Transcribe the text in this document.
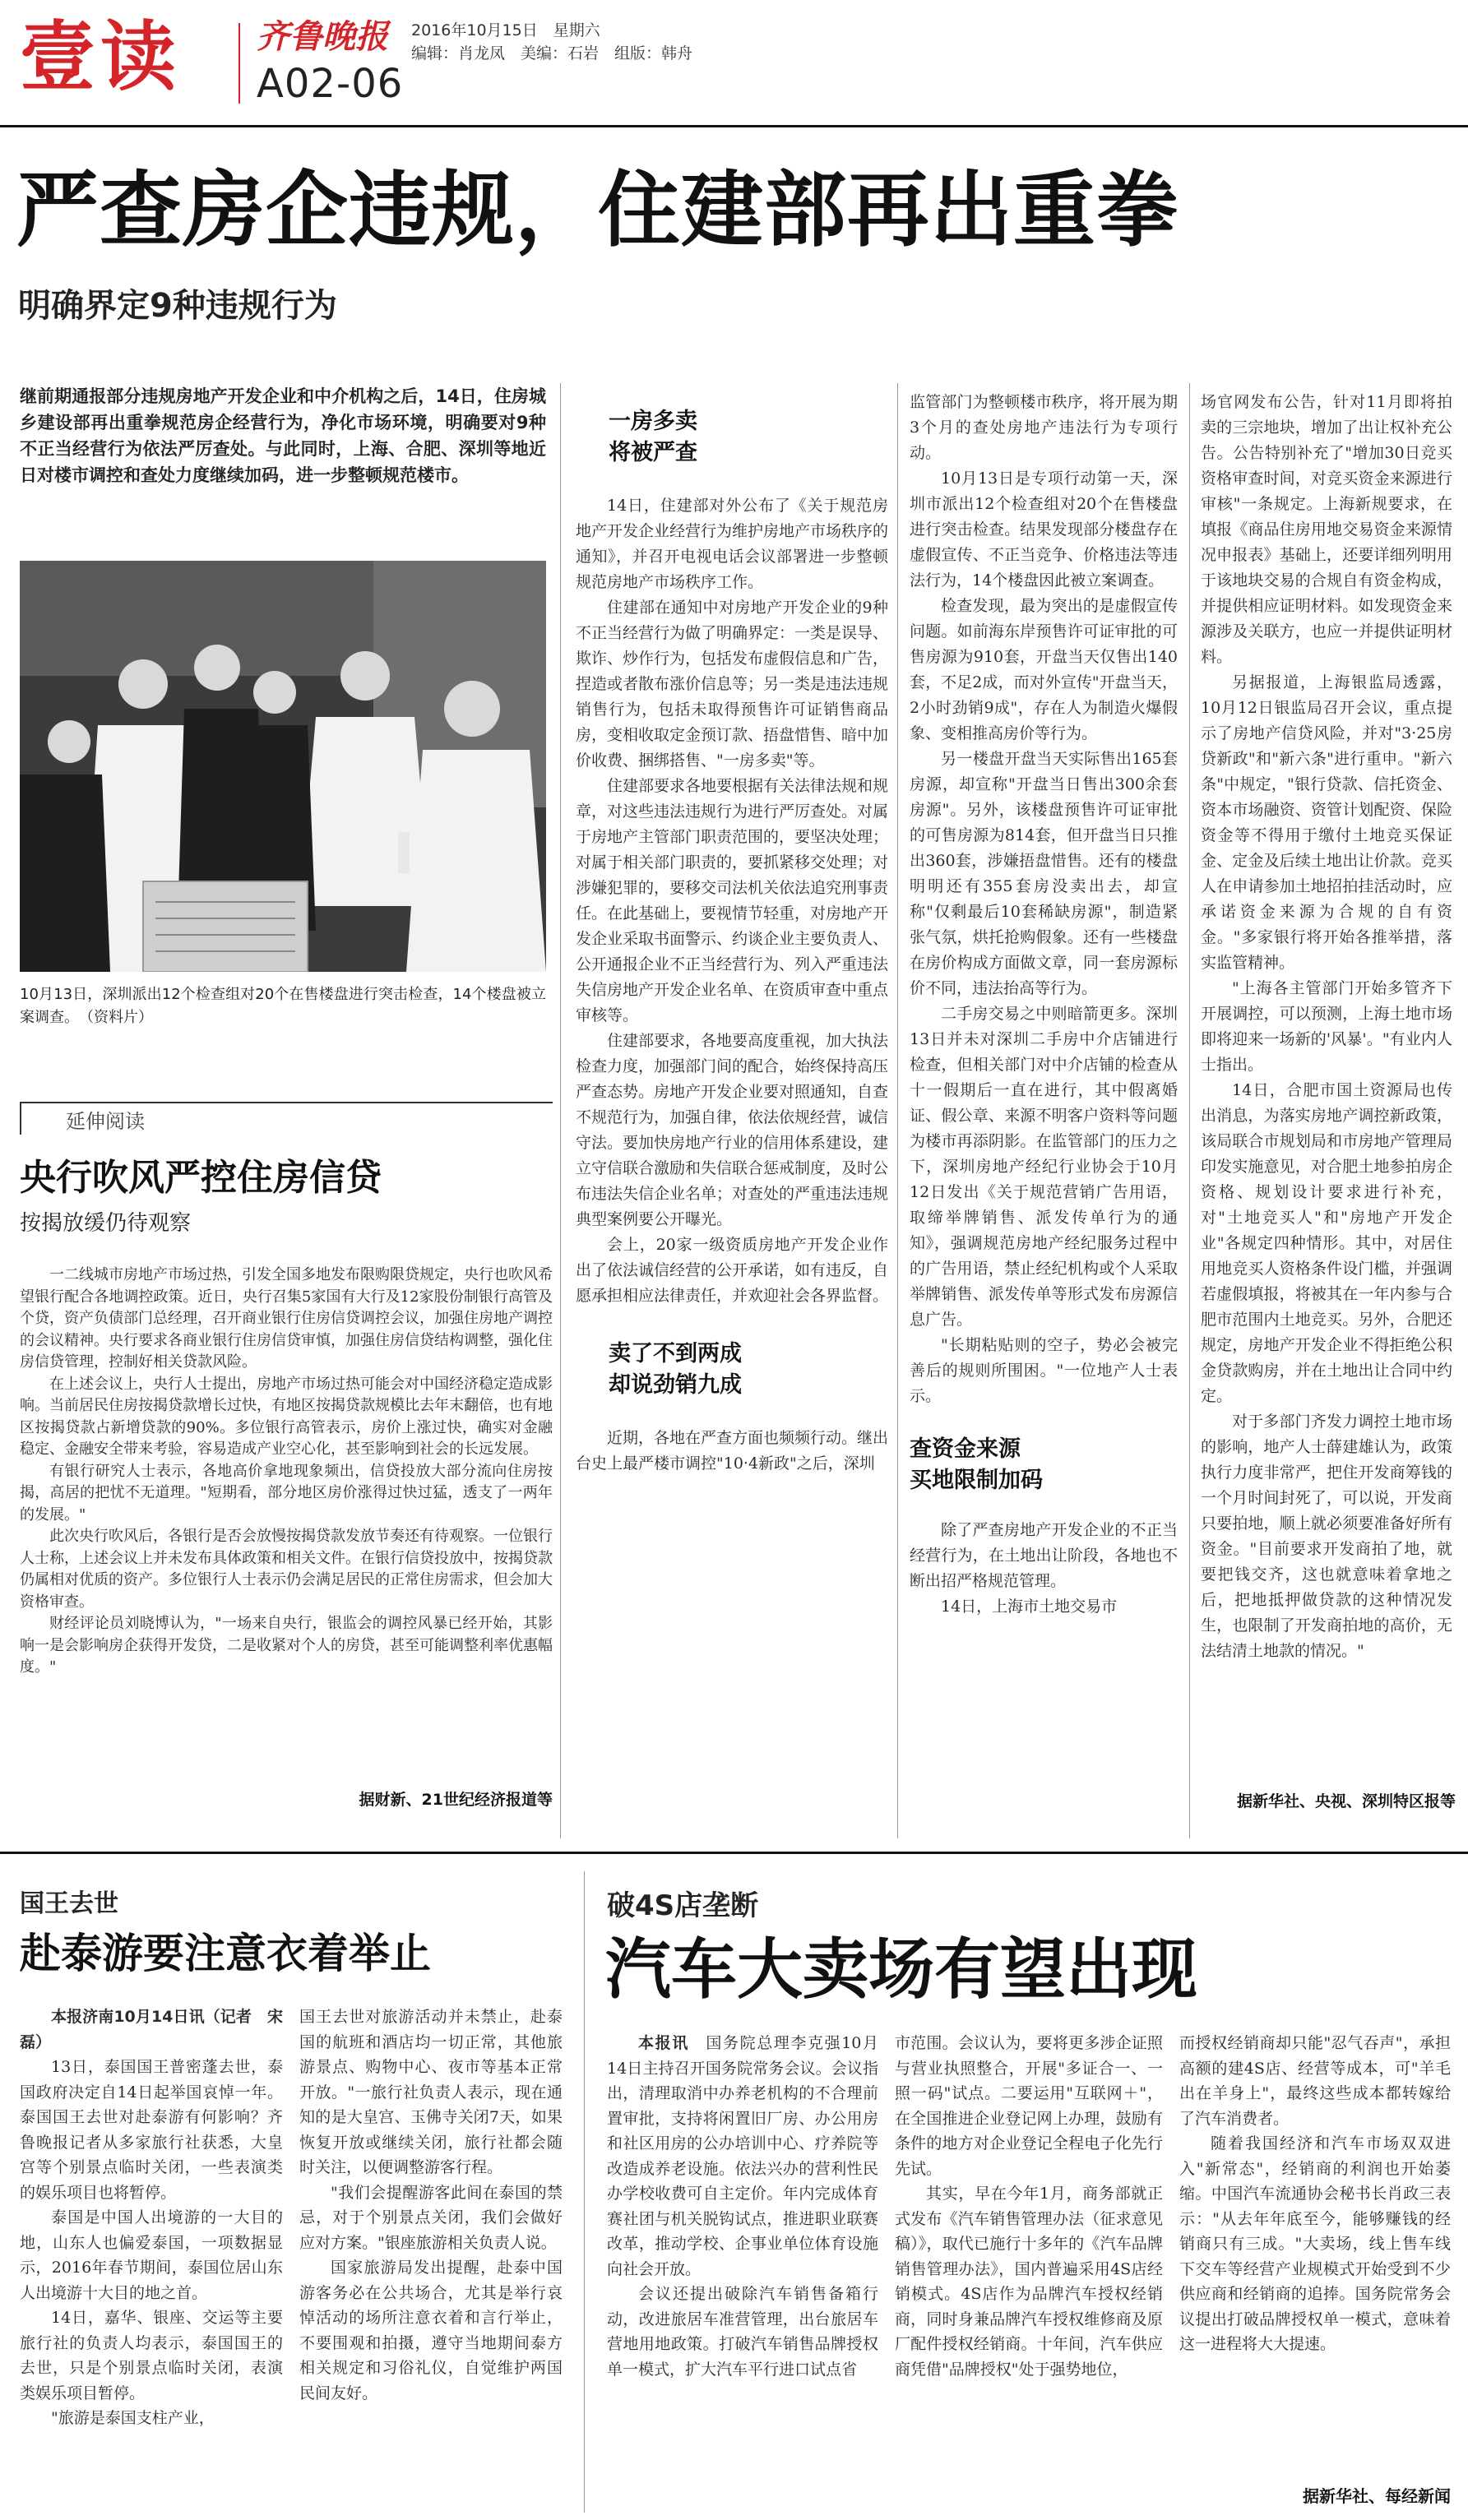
壹读 齐鲁晚报
A02-06
2016年10月15日　星期六
编辑：肖龙凤　美编：石岩　组版：韩舟
严查房企违规，住建部再出重拳
明确界定9种违规行为
继前期通报部分违规房地产开发企业和中介机构之后，14日，住房城乡建设部再出重拳规范房企经营行为，净化市场环境，明确要对9种不正当经营行为依法严厉查处。与此同时，上海、合肥、深圳等地近日对楼市调控和查处力度继续加码，进一步整顿规范楼市。
10月13日，深圳派出12个检查组对20个在售楼盘进行突击检查，14个楼盘被立案调查。　（资料片）
一房多卖
将被严查

14日，住建部对外公布了《关于规范房地产开发企业经营行为维护房地产市场秩序的通知》，并召开电视电话会议部署进一步整顿规范房地产市场秩序工作。

住建部在通知中对房地产开发企业的9种不正当经营行为做了明确界定：一类是误导、欺诈、炒作行为，包括发布虚假信息和广告，捏造或者散布涨价信息等；另一类是违法违规销售行为，包括未取得预售许可证销售商品房，变相收取定金预订款、捂盘惜售、暗中加价收费、捆绑搭售、"一房多卖"等。

住建部要求各地要根据有关法律法规和规章，对这些违法违规行为进行严厉查处。对属于房地产主管部门职责范围的，要坚决处理；对属于相关部门职责的，要抓紧移交处理；对涉嫌犯罪的，要移交司法机关依法追究刑事责任。在此基础上，要视情节轻重，对房地产开发企业采取书面警示、约谈企业主要负责人、公开通报企业不正当经营行为、列入严重违法失信房地产开发企业名单、在资质审查中重点审核等。

住建部要求，各地要高度重视，加大执法检查力度，加强部门间的配合，始终保持高压严查态势。房地产开发企业要对照通知，自查不规范行为，加强自律，依法依规经营，诚信守法。要加快房地产行业的信用体系建设，建立守信联合激励和失信联合惩戒制度，及时公布违法失信企业名单；对查处的严重违法违规典型案例要公开曝光。

会上，20家一级资质房地产开发企业作出了依法诚信经营的公开承诺，如有违反，自愿承担相应法律责任，并欢迎社会各界监督。

卖了不到两成
却说劲销九成

近期，各地在严查方面也频频行动。继出台史上最严楼市调控"10·4新政"之后，深圳

监管部门为整顿楼市秩序，将开展为期3个月的查处房地产违法行为专项行动。

10月13日是专项行动第一天，深圳市派出12个检查组对20个在售楼盘进行突击检查。结果发现部分楼盘存在虚假宣传、不正当竞争、价格违法等违法行为，14个楼盘因此被立案调查。

检查发现，最为突出的是虚假宣传问题。如前海东岸预售许可证审批的可售房源为910套，开盘当天仅售出140套，不足2成，而对外宣传"开盘当天，2小时劲销9成"，存在人为制造火爆假象、变相推高房价等行为。

另一楼盘开盘当天实际售出165套房源，却宣称"开盘当日售出300余套房源"。另外，该楼盘预售许可证审批的可售房源为814套，但开盘当日只推出360套，涉嫌捂盘惜售。还有的楼盘明明还有355套房没卖出去，却宣称"仅剩最后10套稀缺房源"，制造紧张气氛，烘托抢购假象。还有一些楼盘在房价构成方面做文章，同一套房源标价不同，违法抬高等行为。

二手房交易之中则暗箭更多。深圳13日并未对深圳二手房中介店铺进行检查，但相关部门对中介店铺的检查从十一假期后一直在进行，其中假离婚证、假公章、来源不明客户资料等问题为楼市再添阴影。在监管部门的压力之下，深圳房地产经纪行业协会于10月12日发出《关于规范营销广告用语，取缔举牌销售、派发传单行为的通知》，强调规范房地产经纪服务过程中的广告用语，禁止经纪机构或个人采取举牌销售、派发传单等形式发布房源信息广告。

"长期粘贴则的空子，势必会被完善后的规则所围困。"一位地产人士表示。

查资金来源
买地限制加码

除了严查房地产开发企业的不正当经营行为，在土地出让阶段，各地也不断出招严格规范管理。

14日，上海市土地交易市

场官网发布公告，针对11月即将拍卖的三宗地块，增加了出让权补充公告。公告特别补充了"增加30日竞买资格审查时间，对竞买资金来源进行审核"一条规定。上海新规要求，在填报《商品住房用地交易资金来源情况申报表》基础上，还要详细列明用于该地块交易的合规自有资金构成，并提供相应证明材料。如发现资金来源涉及关联方，也应一并提供证明材料。

另据报道，上海银监局透露，10月12日银监局召开会议，重点提示了房地产信贷风险，并对"3·25房贷新政"和"新六条"进行重申。"新六条"中规定，"银行贷款、信托资金、资本市场融资、资管计划配资、保险资金等不得用于缴付土地竞买保证金、定金及后续土地出让价款。竞买人在申请参加土地招拍挂活动时，应承诺资金来源为合规的自有资金。"多家银行将开始各推举措，落实监管精神。

"上海各主管部门开始多管齐下开展调控，可以预测，上海土地市场即将迎来一场新的'风暴'。"有业内人士指出。

14日，合肥市国土资源局也传出消息，为落实房地产调控新政策，该局联合市规划局和市房地产管理局印发实施意见，对合肥土地参拍房企资格、规划设计要求进行补充，对"土地竞买人"和"房地产开发企业"各规定四种情形。其中，对居住用地竞买人资格条件设门槛，并强调若虚假填报，将被其在一年内参与合肥市范围内土地竞买。另外，合肥还规定，房地产开发企业不得拒绝公积金贷款购房，并在土地出让合同中约定。

对于多部门齐发力调控土地市场的影响，地产人士薛建雄认为，政策执行力度非常严，把住开发商筹钱的一个月时间封死了，可以说，开发商只要拍地，顺上就必须要准备好所有资金。"目前要求开发商拍了地，就要把钱交齐，这也就意味着拿地之后，把地抵押做贷款的这种情况发生，也限制了开发商拍地的高价，无法结清土地款的情况。"

据新华社、央视、深圳特区报等
延伸阅读
央行吹风严控住房信贷
按揭放缓仍待观察

一二线城市房地产市场过热，引发全国多地发布限购限贷规定，央行也吹风希望银行配合各地调控政策。近日，央行召集5家国有大行及12家股份制银行高管及个贷，资产负债部门总经理，召开商业银行住房信贷调控会议，加强住房地产调控的会议精神。央行要求各商业银行住房信贷审慎，加强住房信贷结构调整，强化住房信贷管理，控制好相关贷款风险。

在上述会议上，央行人士提出，房地产市场过热可能会对中国经济稳定造成影响。当前居民住房按揭贷款增长过快，有地区按揭贷款规模比去年末翻倍，也有地区按揭贷款占新增贷款的90%。多位银行高管表示，房价上涨过快，确实对金融稳定、金融安全带来考验，容易造成产业空心化，甚至影响到社会的长远发展。

有银行研究人士表示，各地高价拿地现象频出，信贷投放大部分流向住房按揭，高居的把忧不无道理。"短期看，部分地区房价涨得过快过猛，透支了一两年的发展。"

此次央行吹风后，各银行是否会放慢按揭贷款发放节奏还有待观察。一位银行人士称，上述会议上并未发布具体政策和相关文件。在银行信贷投放中，按揭贷款仍属相对优质的资产。多位银行人士表示仍会满足居民的正常住房需求，但会加大资格审查。

财经评论员刘晓博认为，"一场来自央行，银监会的调控风暴已经开始，其影响一是会影响房企获得开发贷，二是收紧对个人的房贷，甚至可能调整利率优惠幅度。"

据财新、21世纪经济报道等
国王去世
赴泰游要注意衣着举止

本报济南10月14日讯（记者　宋磊）

13日，泰国国王普密蓬去世，泰国政府决定自14日起举国哀悼一年。泰国国王去世对赴泰游有何影响？齐鲁晚报记者从多家旅行社获悉，大皇宫等个别景点临时关闭，一些表演类的娱乐项目也将暂停。

泰国是中国人出境游的一大目的地，山东人也偏爱泰国，一项数据显示，2016年春节期间，泰国位居山东人出境游十大目的地之首。

14日，嘉华、银座、交运等主要旅行社的负责人均表示，泰国国王的去世，只是个别景点临时关闭，表演类娱乐项目暂停。

"旅游是泰国支柱产业，

国王去世对旅游活动并未禁止，赴泰国的航班和酒店均一切正常，其他旅游景点、购物中心、夜市等基本正常开放。"一旅行社负责人表示，现在通知的是大皇宫、玉佛寺关闭7天，如果恢复开放或继续关闭，旅行社都会随时关注，以便调整游客行程。

"我们会提醒游客此间在泰国的禁忌，对于个别景点关闭，我们会做好应对方案。"银座旅游相关负责人说。

国家旅游局发出提醒，赴泰中国游客务必在公共场合，尤其是举行哀悼活动的场所注意衣着和言行举止，不要围观和拍摄，遵守当地期间泰方相关规定和习俗礼仪，自觉维护两国民间友好。

破4S店垄断
汽车大卖场有望出现

本报讯　 国务院总理李克强10月14日主持召开国务院常务会议。会议指出，清理取消中办养老机构的不合理前置审批，支持将闲置旧厂房、办公用房和社区用房的公办培训中心、疗养院等改造成养老设施。依法兴办的营利性民办学校收费可自主定价。年内完成体育赛社团与机关脱钩试点，推进职业联赛改革，推动学校、企事业单位体育设施向社会开放。

会议还提出破除汽车销售备箱行动，改进旅居车准营管理，出台旅居车营地用地政策。打破汽车销售品牌授权单一模式，扩大汽车平行进口试点省

市范围。会议认为，要将更多涉企证照与营业执照整合，开展"多证合一、一照一码"试点。二要运用"互联网＋"，在全国推进企业登记网上办理，鼓励有条件的地方对企业登记全程电子化先行先试。

其实，早在今年1月，商务部就正式发布《汽车销售管理办法（征求意见稿）》，取代已施行十多年的《汽车品牌销售管理办法》，国内普遍采用4S店经销模式。4S店作为品牌汽车授权经销商，同时身兼品牌汽车授权维修商及原厂配件授权经销商。十年间，汽车供应商凭借"品牌授权"处于强势地位，

而授权经销商却只能"忍气吞声"，承担高额的建4S店、经营等成本，可"羊毛出在羊身上"，最终这些成本都转嫁给了汽车消费者。

随着我国经济和汽车市场双双进入"新常态"，经销商的利润也开始萎缩。中国汽车流通协会秘书长肖政三表示："从去年年底至今，能够赚钱的经销商只有三成。"大卖场，线上售车线下交车等经营产业规模式开始受到不少供应商和经销商的追捧。国务院常务会议提出打破品牌授权单一模式，意味着这一进程将大大提速。

据新华社、每经新闻
